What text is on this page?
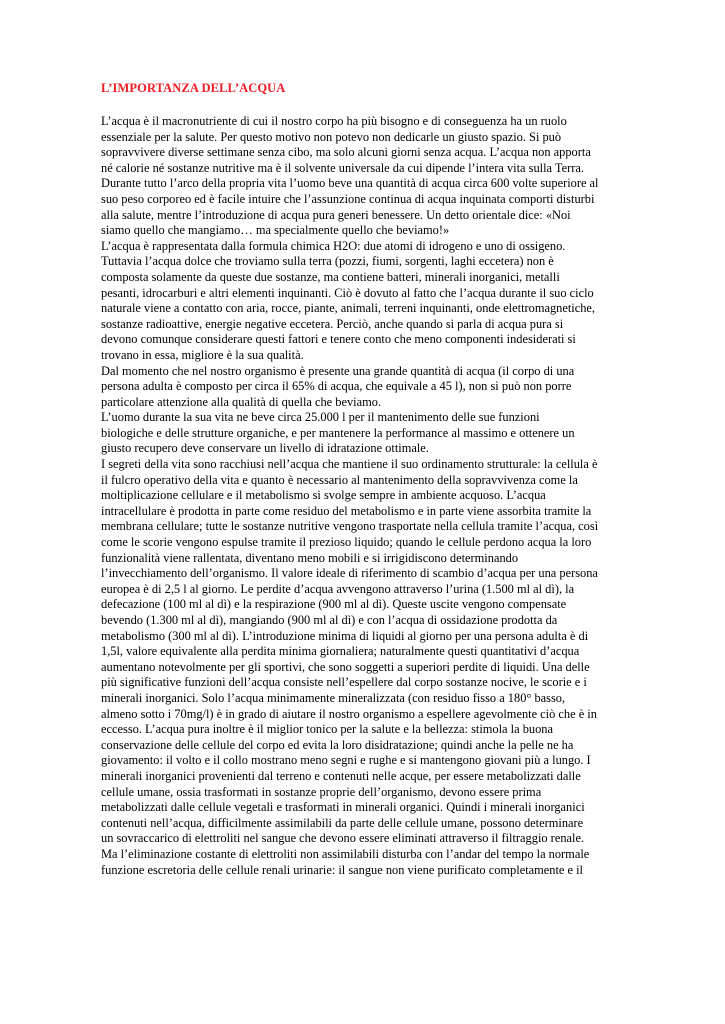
L’IMPORTANZA DELL’ACQUA

L’acqua è il macronutriente di cui il nostro corpo ha più bisogno e di conseguenza ha un ruolo
essenziale per la salute. Per questo motivo non potevo non dedicarle un giusto spazio. Si può
sopravvivere diverse settimane senza cibo, ma solo alcuni giorni senza acqua. L’acqua non apporta
né calorie né sostanze nutritive ma è il solvente universale da cui dipende l’intera vita sulla Terra.
Durante tutto l’arco della propria vita l’uomo beve una quantità di acqua circa 600 volte superiore al
suo peso corporeo ed è facile intuire che l’assunzione continua di acqua inquinata comporti disturbi
alla salute, mentre l’introduzione di acqua pura generi benessere. Un detto orientale dice: «Noi
siamo quello che mangiamo… ma specialmente quello che beviamo!»

L’acqua è rappresentata dalla formula chimica H2O: due atomi di idrogeno e uno di ossigeno.
Tuttavia l’acqua dolce che troviamo sulla terra (pozzi, fiumi, sorgenti, laghi eccetera) non è
composta solamente da queste due sostanze, ma contiene batteri, minerali inorganici, metalli
pesanti, idrocarburi e altri elementi inquinanti. Ciò è dovuto al fatto che l’acqua durante il suo ciclo
naturale viene a contatto con aria, rocce, piante, animali, terreni inquinanti, onde elettromagnetiche,
sostanze radioattive, energie negative eccetera. Perciò, anche quando si parla di acqua pura si
devono comunque considerare questi fattori e tenere conto che meno componenti indesiderati si
trovano in essa, migliore è la sua qualità.

Dal momento che nel nostro organismo è presente una grande quantità di acqua (il corpo di una
persona adulta è composto per circa il 65% di acqua, che equivale a 45 l), non si può non porre
particolare attenzione alla qualità di quella che beviamo.

L’uomo durante la sua vita ne beve circa 25.000 l per il mantenimento delle sue funzioni
biologiche e delle strutture organiche, e per mantenere la performance al massimo e ottenere un
giusto recupero deve conservare un livello di idratazione ottimale.

I segreti della vita sono racchiusi nell’acqua che mantiene il suo ordinamento strutturale: la cellula è
il fulcro operativo della vita e quanto è necessario al mantenimento della sopravvivenza come la
moltiplicazione cellulare e il metabolismo si svolge sempre in ambiente acquoso. L’acqua
intracellulare è prodotta in parte come residuo del metabolismo e in parte viene assorbita tramite la
membrana cellulare; tutte le sostanze nutritive vengono trasportate nella cellula tramite l’acqua, così
come le scorie vengono espulse tramite il prezioso liquido; quando le cellule perdono acqua la loro
funzionalità viene rallentata, diventano meno mobili e si irrigidiscono determinando
l’invecchiamento dell’organismo. Il valore ideale di riferimento di scambio d’acqua per una persona
europea è di 2,5 l al giorno. Le perdite d’acqua avvengono attraverso l’urina (1.500 ml al dì), la
defecazione (100 ml al dì) e la respirazione (900 ml al dì). Queste uscite vengono compensate
bevendo (1.300 ml al dì), mangiando (900 ml al dì) e con l’acqua di ossidazione prodotta da
metabolismo (300 ml al dì). L’introduzione minima di liquidi al giorno per una persona adulta è di
1,5l, valore equivalente alla perdita minima giornaliera; naturalmente questi quantitativi d’acqua
aumentano notevolmente per gli sportivi, che sono soggetti a superiori perdite di liquidi. Una delle
più significative funzioni dell’acqua consiste nell’espellere dal corpo sostanze nocive, le scorie e i
minerali inorganici. Solo l’acqua minimamente mineralizzata (con residuo fisso a 180° basso,
almeno sotto i 70mg/l) è in grado di aiutare il nostro organismo a espellere agevolmente ciò che è in
eccesso. L’acqua pura inoltre è il miglior tonico per la salute e la bellezza: stimola la buona
conservazione delle cellule del corpo ed evita la loro disidratazione; quindi anche la pelle ne ha
giovamento: il volto e il collo mostrano meno segni e rughe e si mantengono giovani più a lungo. I
minerali inorganici provenienti dal terreno e contenuti nelle acque, per essere metabolizzati dalle
cellule umane, ossia trasformati in sostanze proprie dell’organismo, devono essere prima
metabolizzati dalle cellule vegetali e trasformati in minerali organici. Quindi i minerali inorganici
contenuti nell’acqua, difficilmente assimilabili da parte delle cellule umane, possono determinare
un sovraccarico di elettroliti nel sangue che devono essere eliminati attraverso il filtraggio renale.
Ma l’eliminazione costante di elettroliti non assimilabili disturba con l’andar del tempo la normale
funzione escretoria delle cellule renali urinarie: il sangue non viene purificato completamente e il
